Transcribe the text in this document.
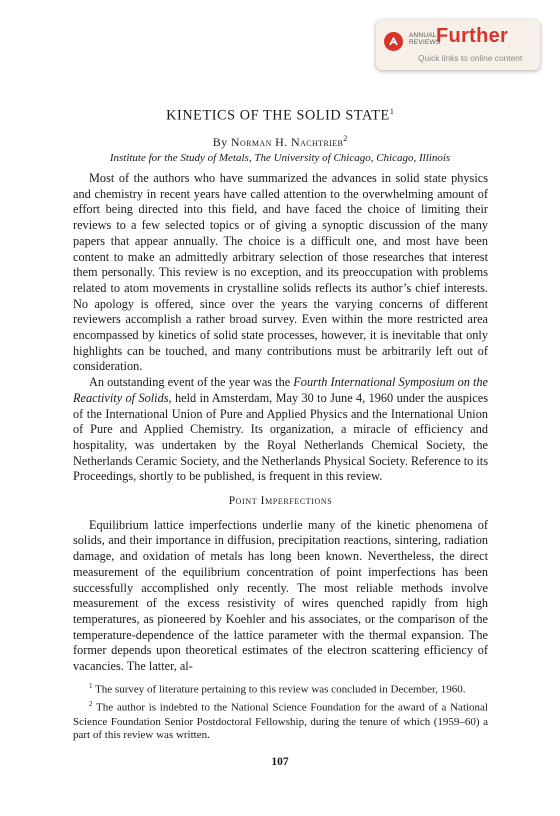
ANNUAL
REVIEWS
Further
Quick links to online content
KINETICS OF THE SOLID STATE$^1$
By Norman H. Nachtrieb$^2$
Institute for the Study of Metals, The University of Chicago, Chicago, Illinois

Most of the authors who have summarized the advances in solid state physics and chemistry in recent years have called attention to the overwhelming amount of effort being directed into this field, and have faced the choice of limiting their reviews to a few selected topics or of giving a synoptic discussion of the many papers that appear annually. The choice is a difficult one, and most have been content to make an admittedly arbitrary selection of those researches that interest them personally. This review is no exception, and its preoccupation with problems related to atom movements in crystalline solids reflects its author’s chief interests. No apology is offered, since over the years the varying concerns of different reviewers accomplish a rather broad survey. Even within the more restricted area encompassed by kinetics of solid state processes, however, it is inevitable that only highlights can be touched, and many contributions must be arbitrarily left out of consideration.

An outstanding event of the year was the Fourth International Symposium on the Reactivity of Solids, held in Amsterdam, May 30 to June 4, 1960 under the auspices of the International Union of Pure and Applied Physics and the International Union of Pure and Applied Chemistry. Its organization, a miracle of efficiency and hospitality, was undertaken by the Royal Netherlands Chemical Society, the Netherlands Ceramic Society, and the Netherlands Physical Society. Reference to its Proceedings, shortly to be published, is frequent in this review.

Point Imperfections

Equilibrium lattice imperfections underlie many of the kinetic phenomena of solids, and their importance in diffusion, precipitation reactions, sintering, radiation damage, and oxidation of metals has long been known. Nevertheless, the direct measurement of the equilibrium concentration of point imperfections has been successfully accomplished only recently. The most reliable methods involve measurement of the excess resistivity of wires quenched rapidly from high temperatures, as pioneered by Koehler and his associates, or the comparison of the temperature-dependence of the lattice parameter with the thermal expansion. The former depends upon theoretical estimates of the electron scattering efficiency of vacancies. The latter, al-

$^1$ The survey of literature pertaining to this review was concluded in December, 1960.

$^2$ The author is indebted to the National Science Foundation for the award of a National Science Foundation Senior Postdoctoral Fellowship, during the tenure of which (1959–60) a part of this review was written.

107
